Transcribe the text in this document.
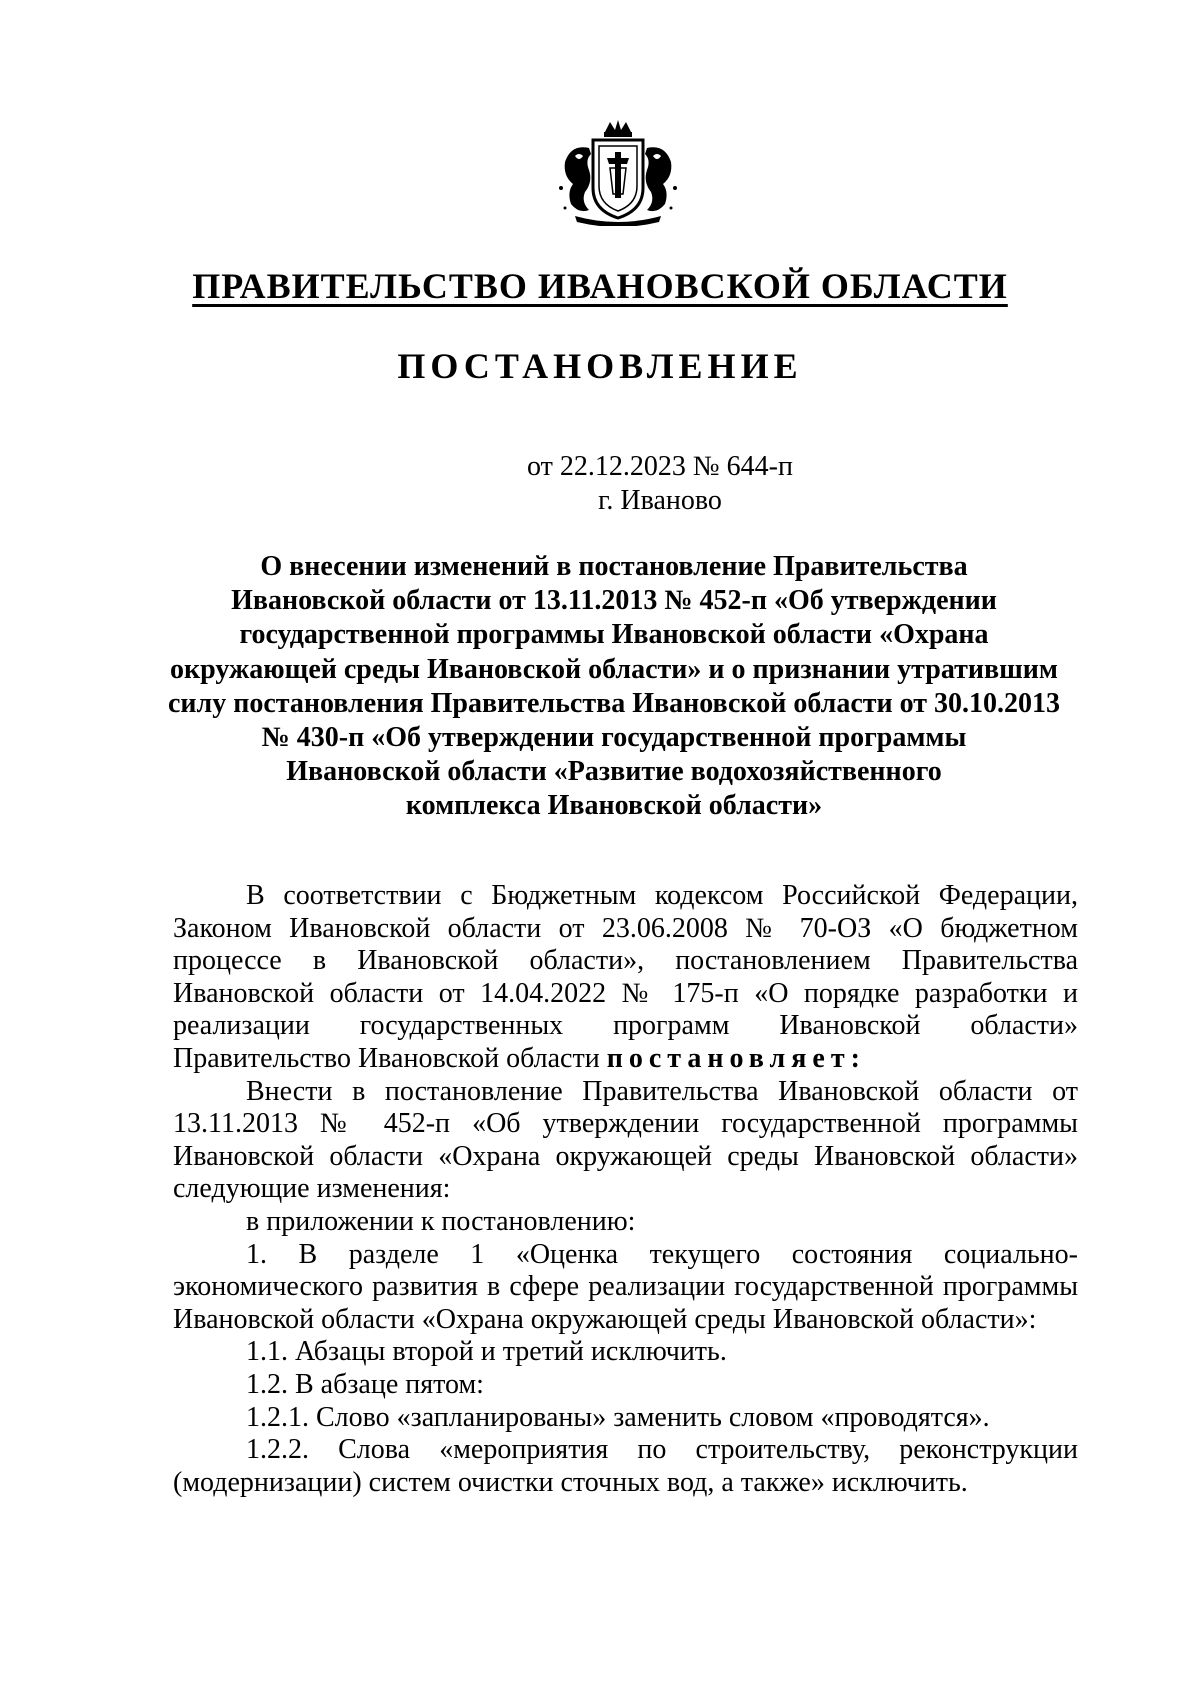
ПРАВИТЕЛЬСТВО ИВАНОВСКОЙ ОБЛАСТИ
ПОСТАНОВЛЕНИЕ
от 22.12.2023 № 644-п
г. Иваново
О внесении изменений в постановление Правительства
Ивановской области от 13.11.2013 № 452-п «Об утверждении
государственной программы Ивановской области «Охрана
окружающей среды Ивановской области» и о признании утратившим
силу постановления Правительства Ивановской области от 30.10.2013
№ 430-п «Об утверждении государственной программы
Ивановской области «Развитие водохозяйственного
комплекса Ивановской области»

В соответствии с Бюджетным кодексом Российской Федерации, Законом Ивановской области от 23.06.2008 № 70-ОЗ «О бюджетном процессе в Ивановской области», постановлением Правительства Ивановской области от 14.04.2022 № 175-п «О порядке разработки и реализации государственных программ Ивановской области» Правительство Ивановской области постановляет:

Внести в постановление Правительства Ивановской области от 13.11.2013 № 452-п «Об утверждении государственной программы Ивановской области «Охрана окружающей среды Ивановской области» следующие изменения:

в приложении к постановлению:

1. В разделе 1 «Оценка текущего состояния социально-экономического развития в сфере реализации государственной программы Ивановской области «Охрана окружающей среды Ивановской области»:

1.1. Абзацы второй и третий исключить.

1.2. В абзаце пятом:

1.2.1. Слово «запланированы» заменить словом «проводятся».

1.2.2. Слова «мероприятия по строительству, реконструкции (модернизации) систем очистки сточных вод, а также» исключить.
